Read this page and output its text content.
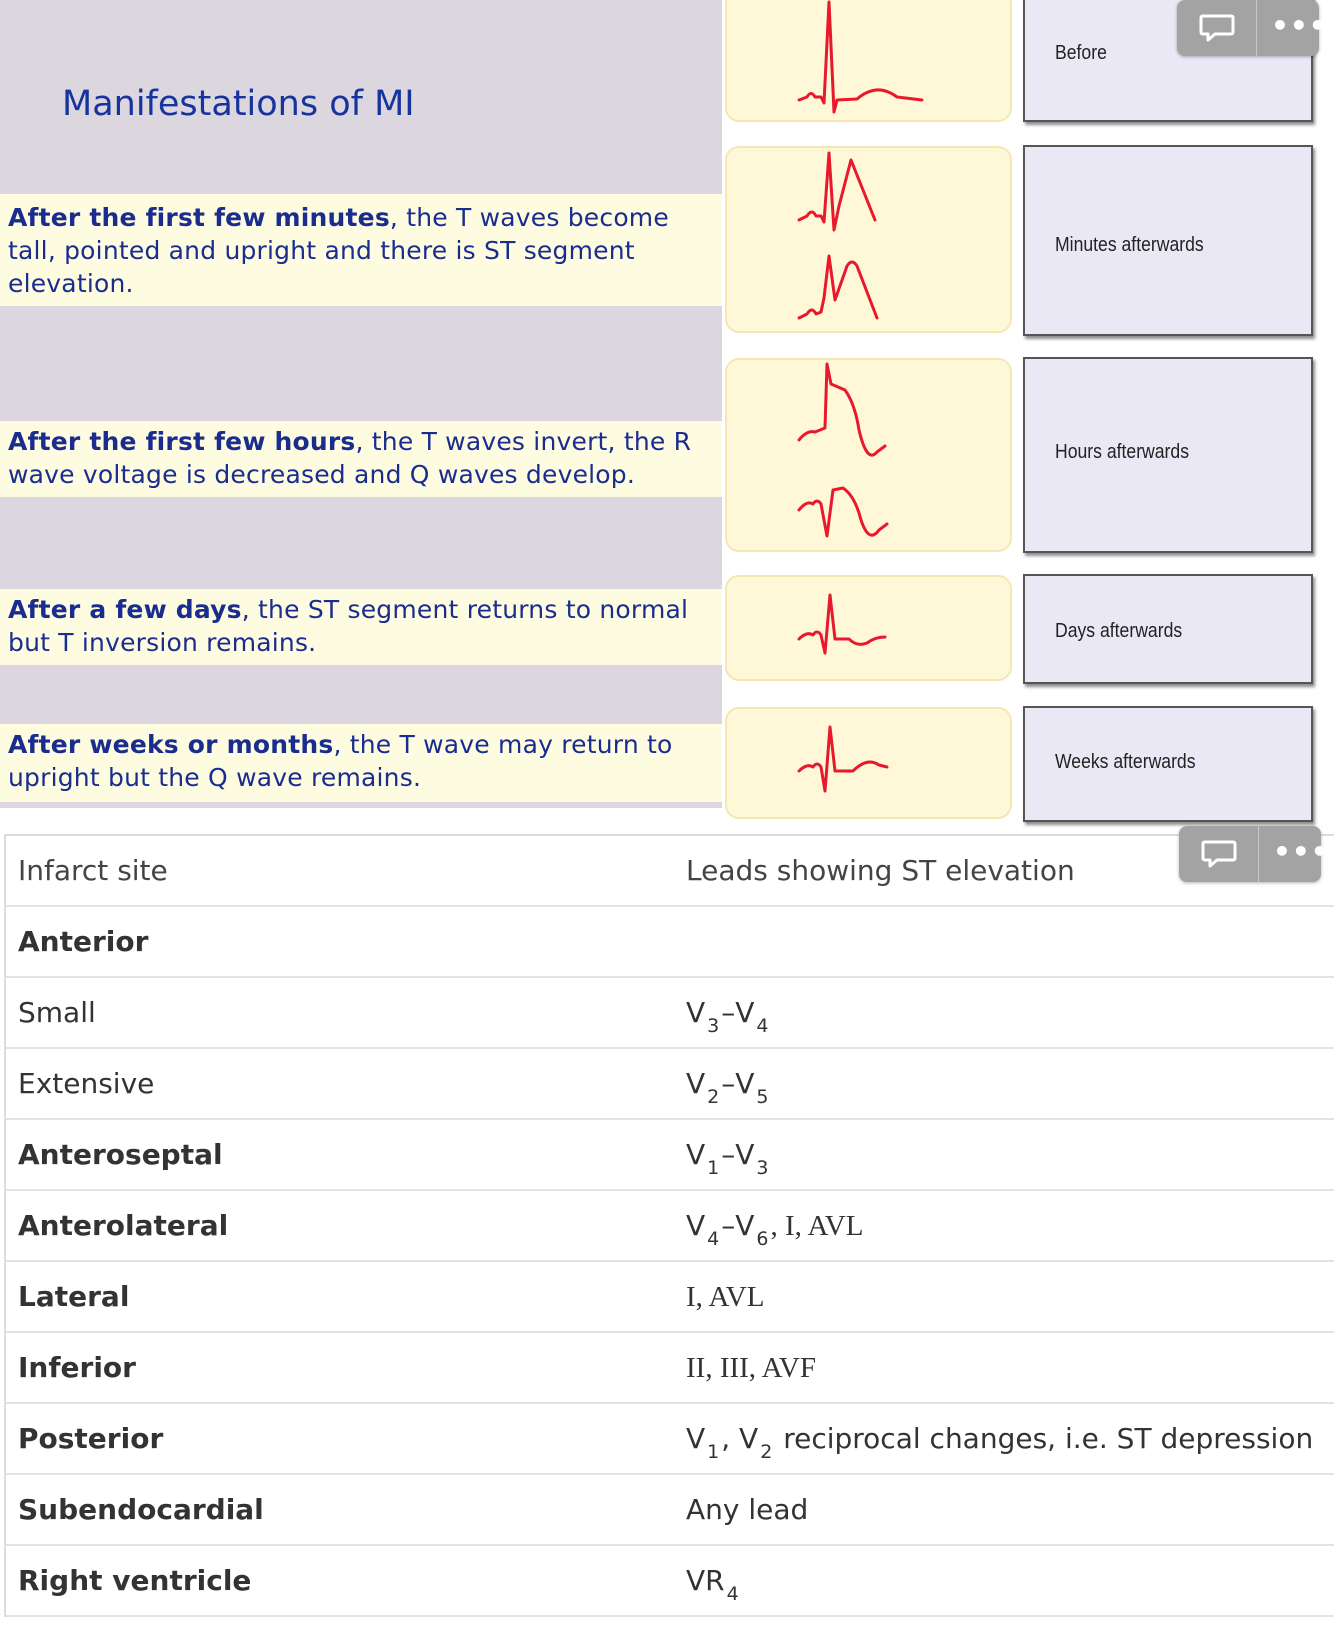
Manifestations of MI

After the first few minutes, the T waves become tall, pointed and upright and there is ST segment elevation.

After the first few hours, the T waves invert, the R wave voltage is decreased and Q waves develop.

After a few days, the ST segment returns to normal but T inversion remains.

After weeks or months, the T wave may return to upright but the Q wave remains.

Before
Minutes afterwards
Hours afterwards
Days afterwards
Weeks afterwards
•••
Infarct site	Leads showing ST elevation
Anterior
Small	V $_3$–V $_4$
Extensive	V $_2$–V $_5$
Anteroseptal	V $_1$–V $_3$
Anterolateral	V $_4$–V $_6$, I, AVL
Lateral	I, AVL
Inferior	II, III, AVF
Posterior	V $_1$, V $_2$ reciprocal changes, i.e. ST depression
Subendocardial	Any lead
Right ventricle	VR $_4$
•••
